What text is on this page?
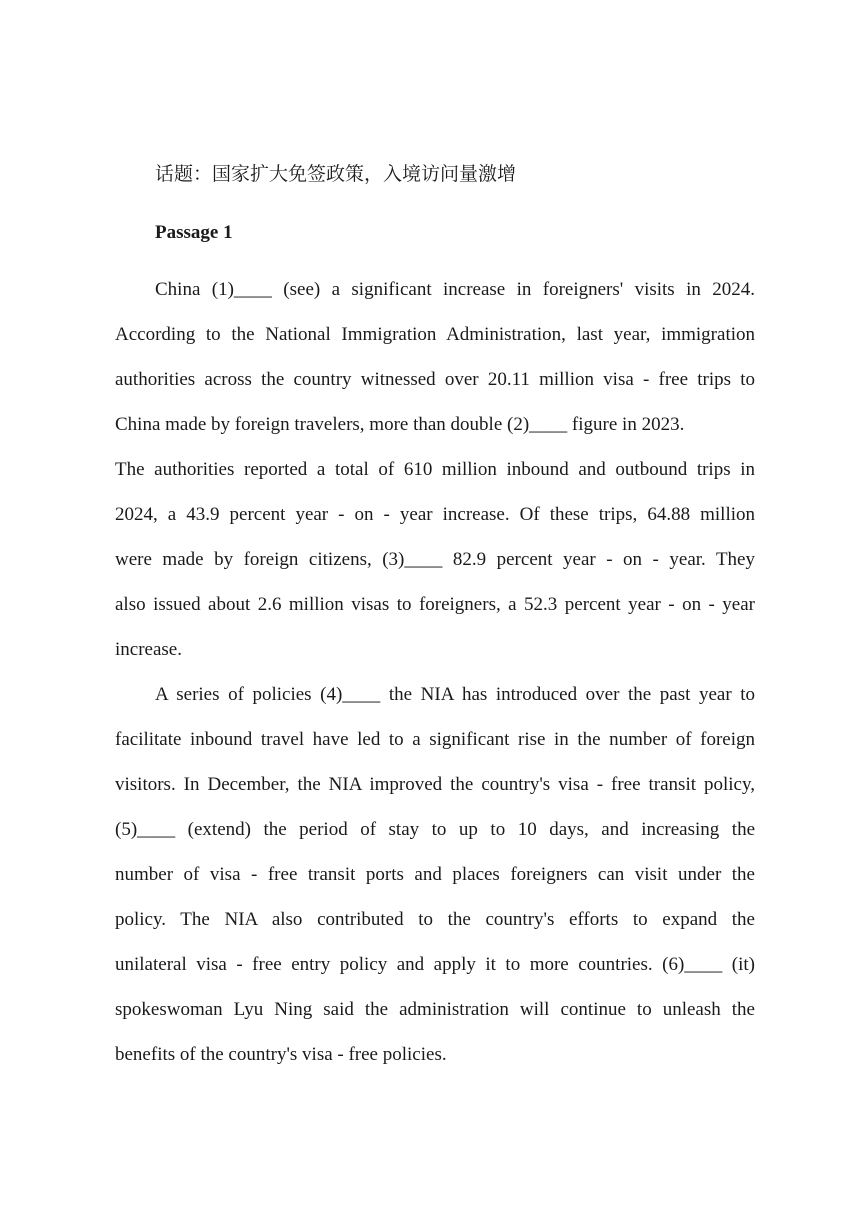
话题：国家扩大免签政策，入境访问量激增
Passage 1

China (1)____ (see) a significant increase in foreigners' visits in 2024.
According to the National Immigration Administration, last year, immigration
authorities across the country witnessed over 20.11 million visa - free trips to
China made by foreign travelers, more than double (2)____ figure in 2023.

The authorities reported a total of 610 million inbound and outbound trips in
2024, a 43.9 percent year - on - year increase. Of these trips, 64.88 million
were made by foreign citizens, (3)____ 82.9 percent year - on - year. They
also issued about 2.6 million visas to foreigners, a 52.3 percent year - on - year
increase.

A series of policies (4)____ the NIA has introduced over the past year to
facilitate inbound travel have led to a significant rise in the number of foreign
visitors. In December, the NIA improved the country's visa - free transit policy,
(5)____ (extend) the period of stay to up to 10 days, and increasing the
number of visa - free transit ports and places foreigners can visit under the
policy. The NIA also contributed to the country's efforts to expand the
unilateral visa - free entry policy and apply it to more countries. (6)____ (it)
spokeswoman Lyu Ning said the administration will continue to unleash the
benefits of the country's visa - free policies.
